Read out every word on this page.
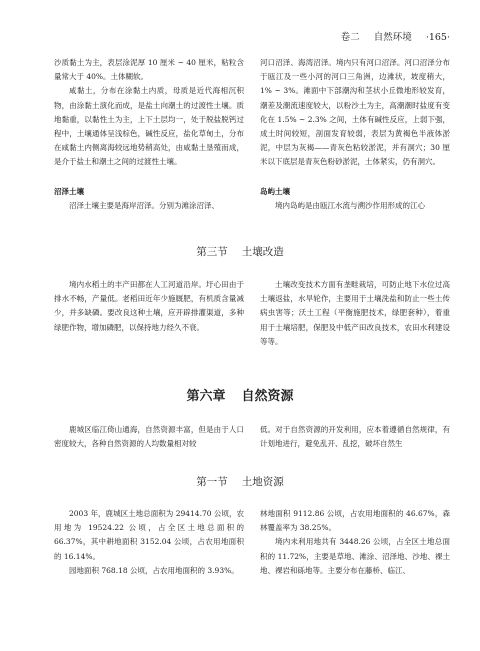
卷二 自然环境 ·165·

沙质黏土为主，表层涂泥厚 10 厘米 ~ 40 厘米，粘粒含量常大于 40%。土体糊软。

咸黏土，分布在涂黏土内质，母质是近代海相沉积物，由涂黏土演化而成，是盐土向潮土的过渡性土壤。质地黏重，以黏性土为主，上下土层均一，处于脱盐脱钙过程中，土壤通体呈浅棕色，碱性反应，盐化草甸土，分布在咸黏土内侧离海较远地势稍高处，由咸黏土垦殖而成，是介于盐土和潮土之间的过渡性土壤。

河口沼泽、海湾沼泽。境内只有河口沼泽。河口沼泽分布于瓯江及一些小河的河口三角洲，边滩状，坡度稍大，1% ~ 3%。滩面中下部潮沟和茎状小丘微地形较发育，潮差及潮流速度较大，以粉沙土为主，高潮潮时盐度有变化在 1.5% ~ 2.3% 之间，土体有碱性反应，上弱下强，成土时间较短，剖面发育较弱，表层为黄褐色半液体淤泥，中层为灰褐——青灰色粘较淤泥，并有洞穴；30 厘米以下底层是青灰色粉砂淤泥，土体紧实，仍有洞穴。

沼泽土壤

沼泽土壤主要是海岸沼泽。分别为滩涂沼泽、

岛屿土壤

境内岛屿是由瓯江水流与溯沙作用形成的江心

第三节 土壤改造

境内水稻土的丰产田都在人工河道沿岸。圩心田由于排水不畅，产量低。老稻田近年少施厩肥，有机质含量减少，并多缺磷。要改良这种土壤，应开辟排灌渠道，多种绿肥作物，增加磷肥，以保持地力经久不衰。

土壤改变技术方面有垄畦栽培，可防止地下水位过高土壤返盐，水旱轮作，主要用于土壤洗盐和防止一些土传病虫害等；沃土工程（平衡施肥技术，绿肥套种），着重用于土壤培肥，保肥及中低产田改良技术，农田水利建设等等。

第六章 自然资源

鹿城区临江倚山通海，自然资源丰富，但是由于人口密度较大，各种自然资源的人均数量相对较

低。对于自然资源的开发利用，应本着遵循自然规律，有计划地进行，避免乱开、乱挖，破坏自然生

第一节 土地资源

2003 年，鹿城区土地总面积为 29414.70 公顷，农用地为 19524.22 公顷，占全区土地总面积的 66.37%，其中耕地面积 3152.04 公顷，占农用地面积的 16.14%。

园地面积 768.18 公顷，占农用地面积的 3.93%。

林地面积 9112.86 公顷，占农用地面积的 46.67%，森林覆盖率为 38.25%。

境内未利用地共有 3448.26 公顷，占全区土地总面积的 11.72%，主要是草地、滩涂、沼泽地、沙地、裸土地、裸岩和砾地等。主要分布在藤桥、临江、
